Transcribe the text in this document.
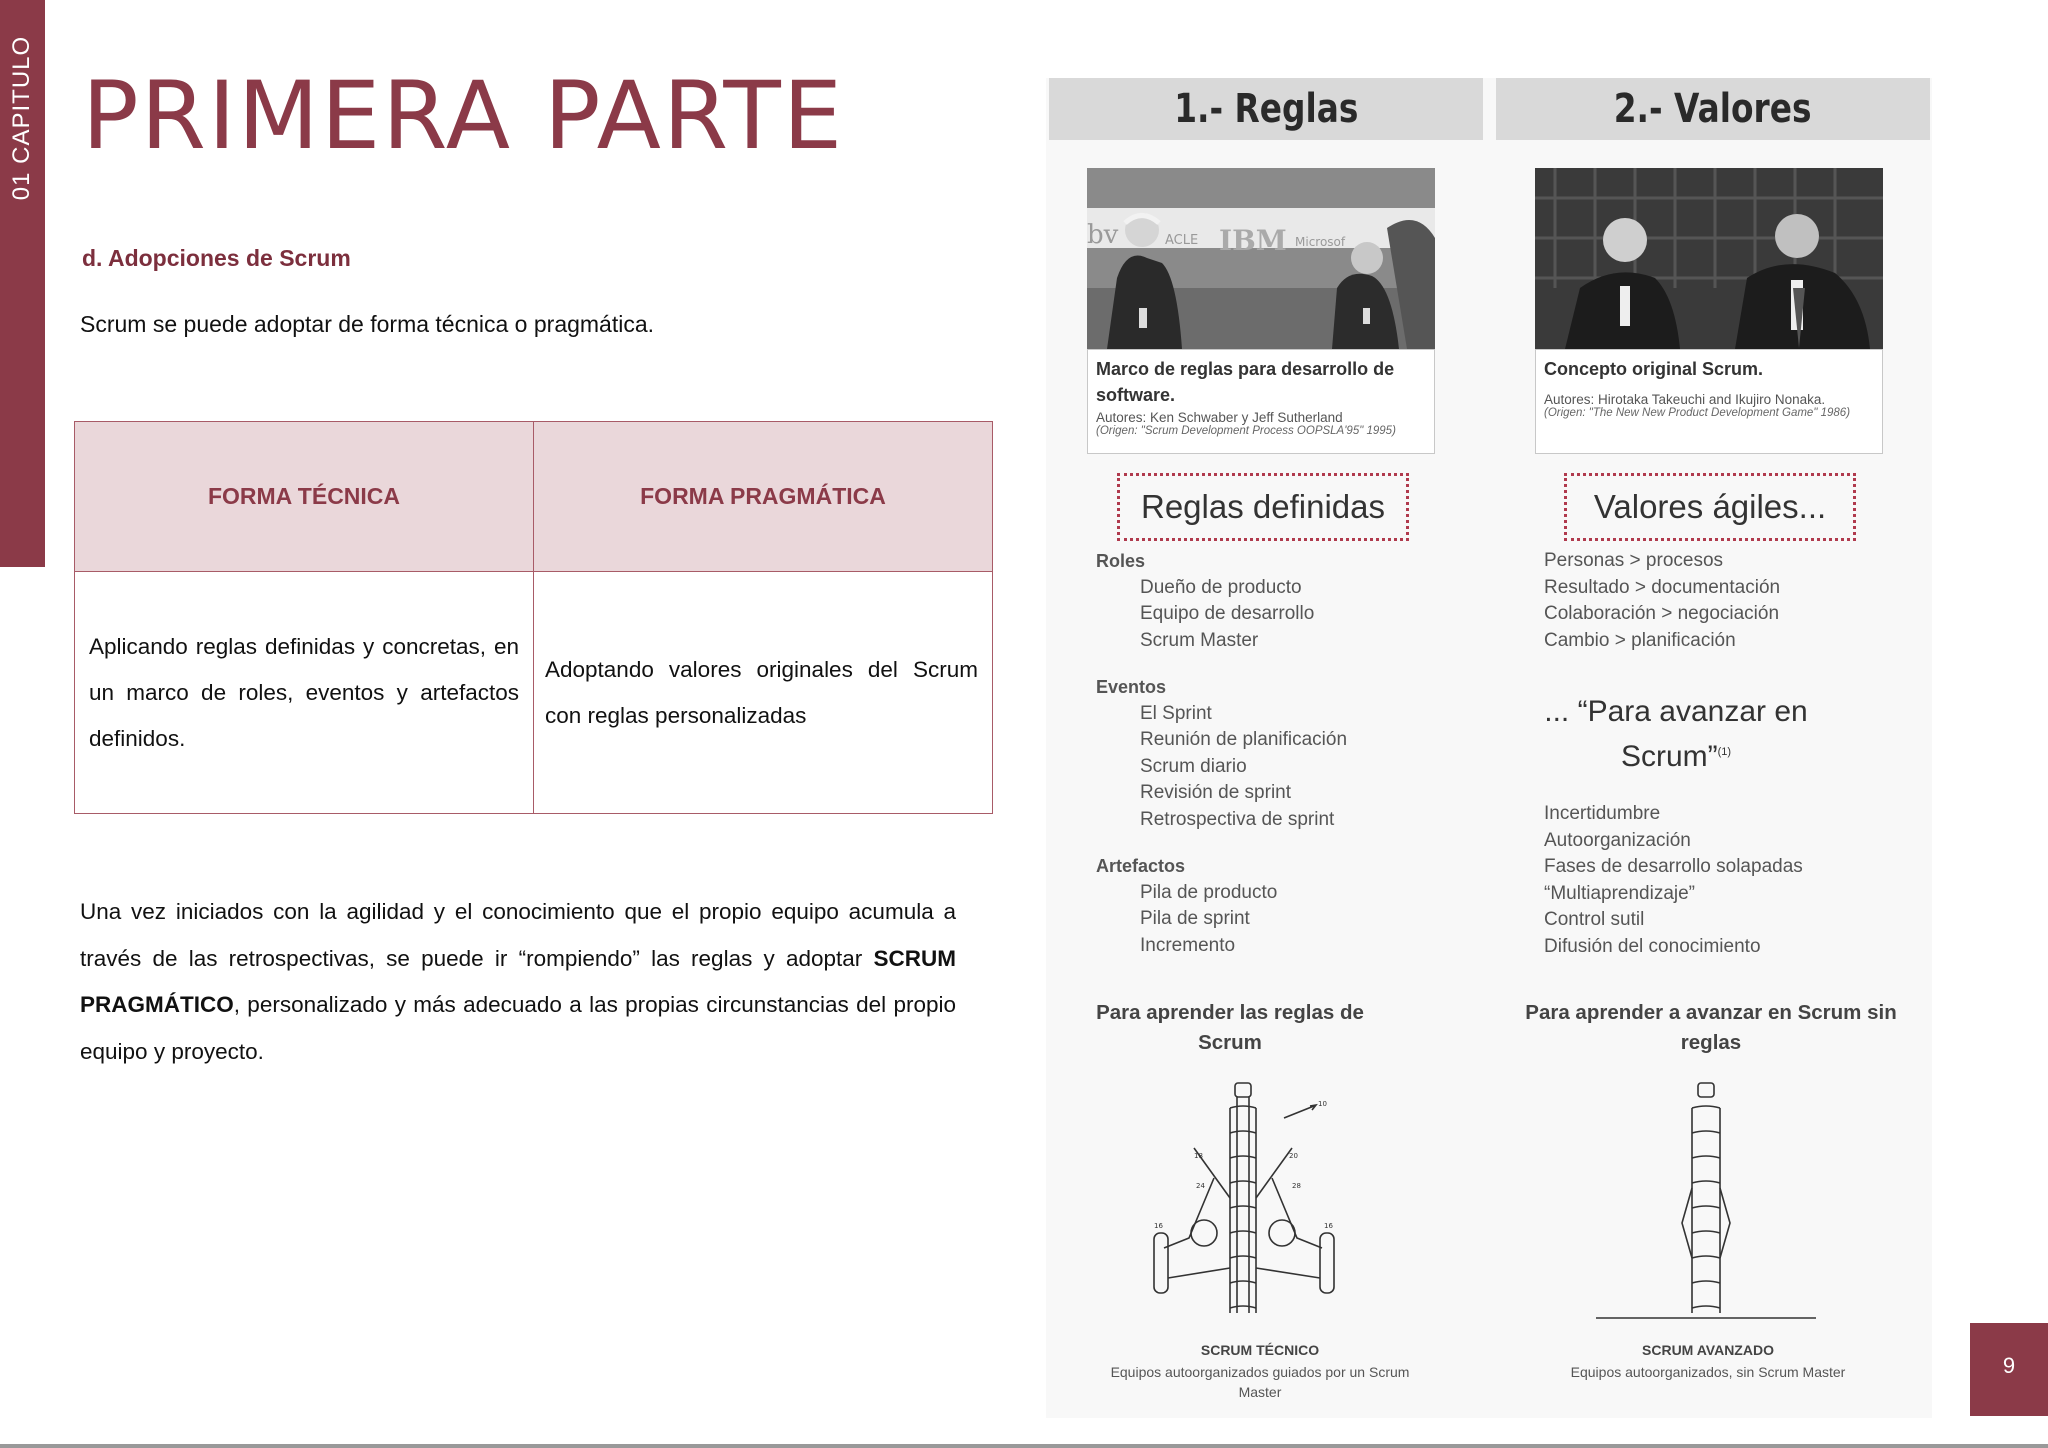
01 CAPITULO PRIMERA PARTE
d. Adopciones de Scrum
Scrum se puede adoptar de forma técnica o pragmática.
FORMA TÉCNICA	FORMA PRAGMÁTICA
Aplicando reglas definidas y concretas, en un marco de roles, eventos y artefactos definidos.	Adoptando valores originales del Scrum con reglas personalizadas
Una vez iniciados con la agilidad y el conocimiento que el propio equipo acumula a través de las retrospectivas, se puede ir “rompiendo” las reglas y adoptar SCRUM PRAGMÁTICO, personalizado y más adecuado a las propias circunstancias del propio equipo y proyecto.
1.- Reglas
bv	ACLE IBM Microsof
Marco de reglas para desarrollo de software.
Autores: Ken Schwaber y Jeff Sutherland
(Origen: "Scrum Development Process OOPSLA'95" 1995)
Reglas definidas
Roles
Dueño de producto
Equipo de desarrollo
Scrum Master
Eventos
El Sprint
Reunión de planificación
Scrum diario
Revisión de sprint
Retrospectiva de sprint
Artefactos
Pila de producto
Pila de sprint
Incremento
Para aprender las reglas de Scrum
10
18	20
24	28
16	16
SCRUM TÉCNICO
Equipos autoorganizados guiados por un Scrum Master
2.- Valores
Concepto original Scrum.
Autores: Hirotaka Takeuchi and Ikujiro Nonaka.
(Origen: "The New New Product Development Game" 1986)
Valores ágiles...
Personas > procesos
Resultado > documentación
Colaboración > negociación
Cambio > planificación
... “Para avanzar en Scrum”$^{(1)}$
Incertidumbre
Autoorganización
Fases de desarrollo solapadas
“Multiaprendizaje”
Control sutil
Difusión del conocimiento
Para aprender a avanzar en Scrum sin reglas
SCRUM AVANZADO
Equipos autoorganizados, sin Scrum Master	9
